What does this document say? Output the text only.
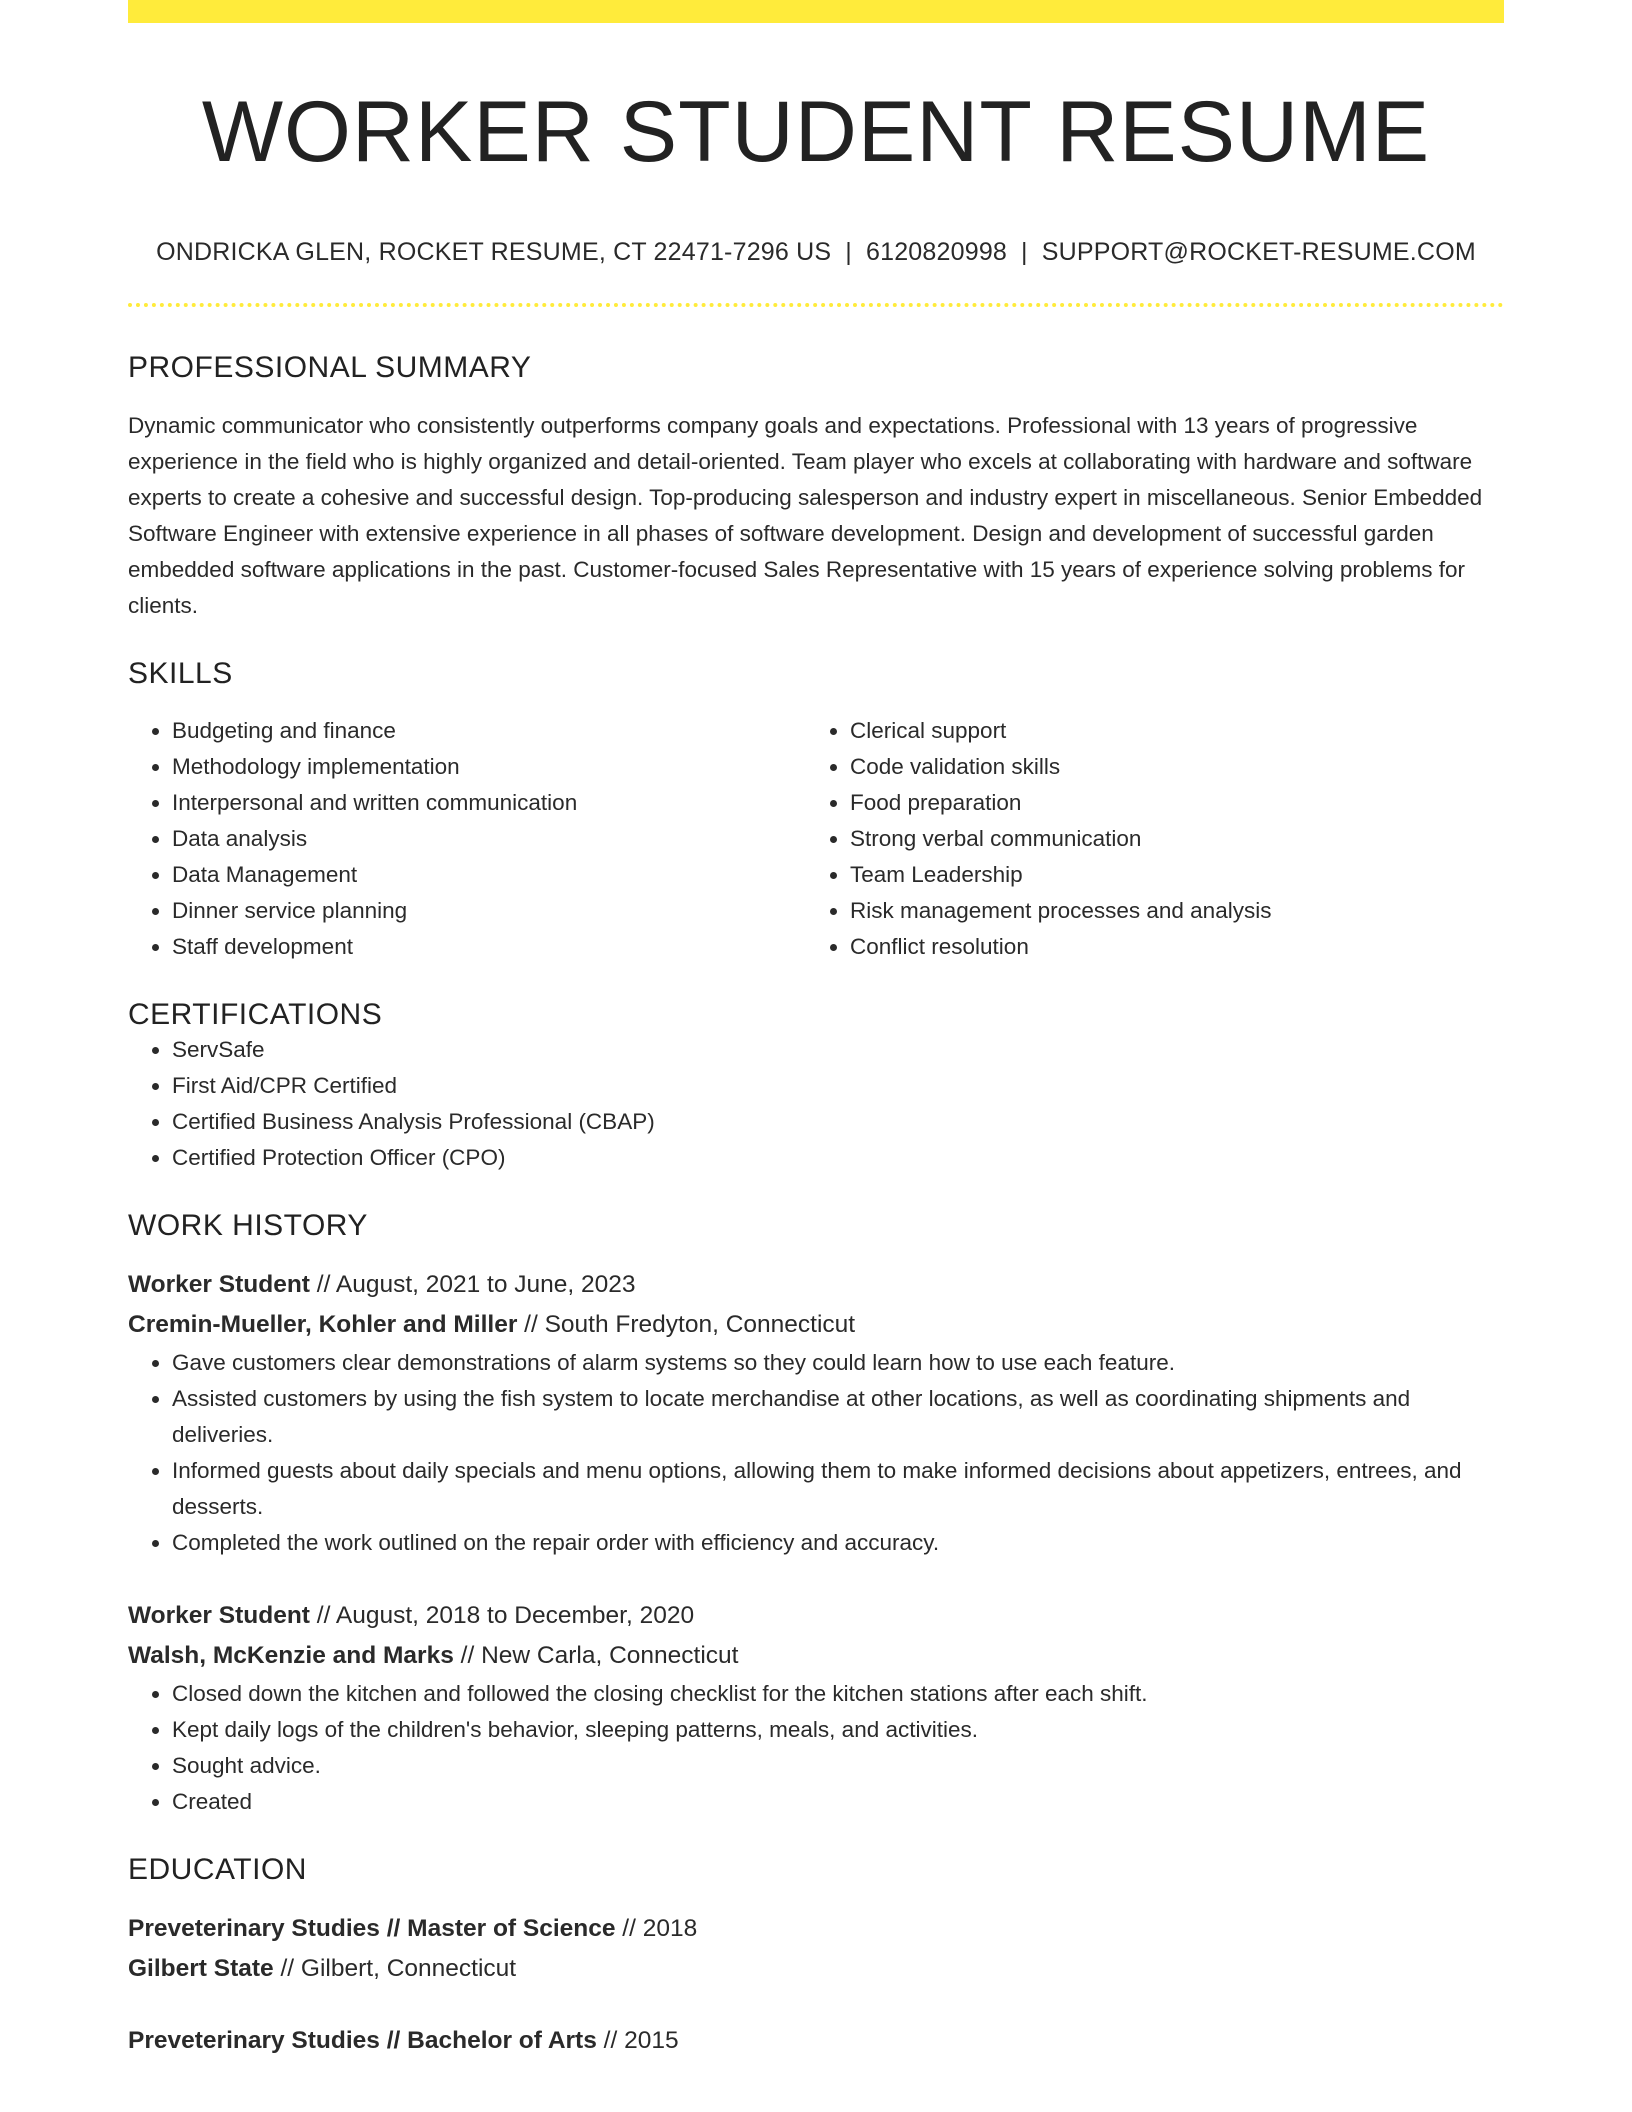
WORKER STUDENT RESUME
ONDRICKA GLEN, ROCKET RESUME, CT 22471-7296 US | 6120820998 | SUPPORT@ROCKET-RESUME.COM
PROFESSIONAL SUMMARY

Dynamic communicator who consistently outperforms company goals and expectations. Professional with 13 years of progressive experience in the field who is highly organized and detail-oriented. Team player who excels at collaborating with hardware and software experts to create a cohesive and successful design. Top-producing salesperson and industry expert in miscellaneous. Senior Embedded Software Engineer with extensive experience in all phases of software development. Design and development of successful garden embedded software applications in the past. Customer-focused Sales Representative with 15 years of experience solving problems for clients.

SKILLS
• Budgeting and finance
• Methodology implementation
• Interpersonal and written communication
• Data analysis
• Data Management
• Dinner service planning
• Staff development
• Clerical support
• Code validation skills
• Food preparation
• Strong verbal communication
• Team Leadership
• Risk management processes and analysis
• Conflict resolution
CERTIFICATIONS
• ServSafe
• First Aid/CPR Certified
• Certified Business Analysis Professional (CBAP)
• Certified Protection Officer (CPO)
WORK HISTORY
Worker Student // August, 2021 to June, 2023
Cremin-Mueller, Kohler and Miller // South Fredyton, Connecticut
• Gave customers clear demonstrations of alarm systems so they could learn how to use each feature.
• Assisted customers by using the fish system to locate merchandise at other locations, as well as coordinating shipments and deliveries.
• Informed guests about daily specials and menu options, allowing them to make informed decisions about appetizers, entrees, and desserts.
• Completed the work outlined on the repair order with efficiency and accuracy.
Worker Student // August, 2018 to December, 2020
Walsh, McKenzie and Marks // New Carla, Connecticut
• Closed down the kitchen and followed the closing checklist for the kitchen stations after each shift.
• Kept daily logs of the children's behavior, sleeping patterns, meals, and activities.
• Sought advice.
• Created
EDUCATION
Preveterinary Studies // Master of Science // 2018
Gilbert State // Gilbert, Connecticut
Preveterinary Studies // Bachelor of Arts // 2015
